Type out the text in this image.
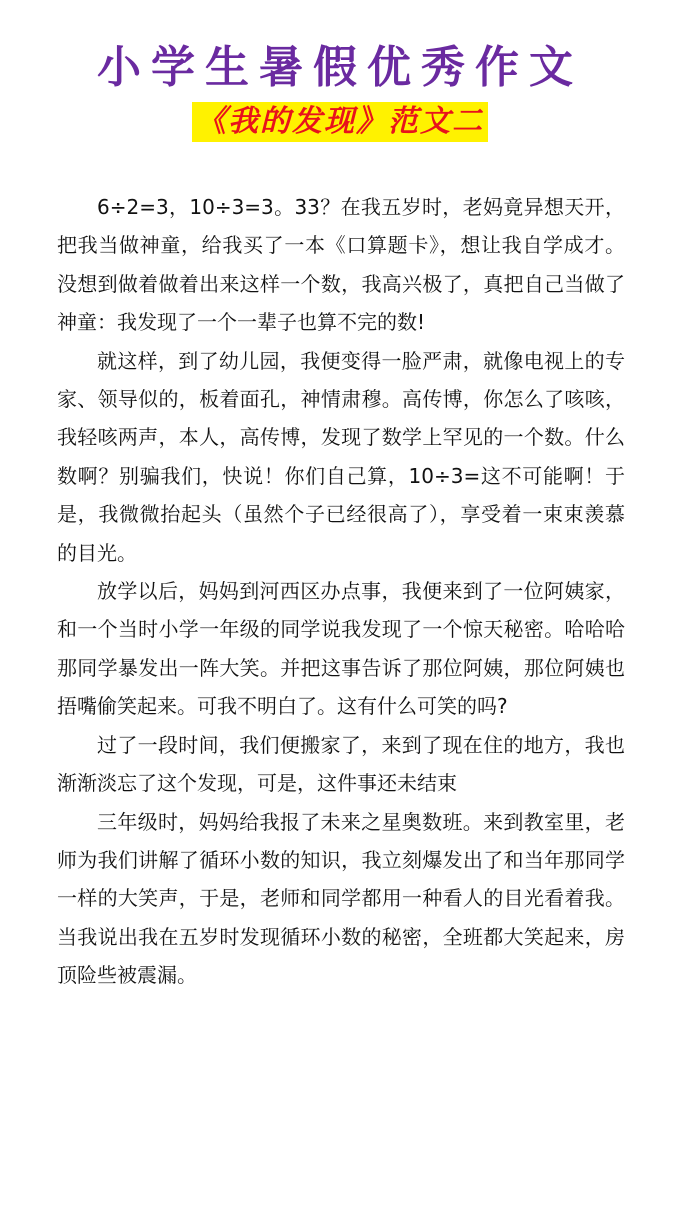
小学生暑假优秀作文
《我的发现》范文二

6÷2=3，10÷3=3。33？在我五岁时，老妈竟异想天开，把我当做神童，给我买了一本《口算题卡》，想让我自学成才。没想到做着做着出来这样一个数，我高兴极了，真把自己当做了神童：我发现了一个一辈子也算不完的数!

就这样，到了幼儿园，我便变得一脸严肃，就像电视上的专家、领导似的，板着面孔，神情肃穆。高传博，你怎么了咳咳，我轻咳两声，本人，高传博，发现了数学上罕见的一个数。什么数啊？别骗我们，快说！你们自己算，10÷3=这不可能啊！于是，我微微抬起头（虽然个子已经很高了），享受着一束束羡慕的目光。

放学以后，妈妈到河西区办点事，我便来到了一位阿姨家，和一个当时小学一年级的同学说我发现了一个惊天秘密。哈哈哈那同学暴发出一阵大笑。并把这事告诉了那位阿姨，那位阿姨也捂嘴偷笑起来。可我不明白了。这有什么可笑的吗?

过了一段时间，我们便搬家了，来到了现在住的地方，我也渐渐淡忘了这个发现，可是，这件事还未结束

三年级时，妈妈给我报了未来之星奥数班。来到教室里，老师为我们讲解了循环小数的知识，我立刻爆发出了和当年那同学一样的大笑声，于是，老师和同学都用一种看人的目光看着我。当我说出我在五岁时发现循环小数的秘密，全班都大笑起来，房顶险些被震漏。
